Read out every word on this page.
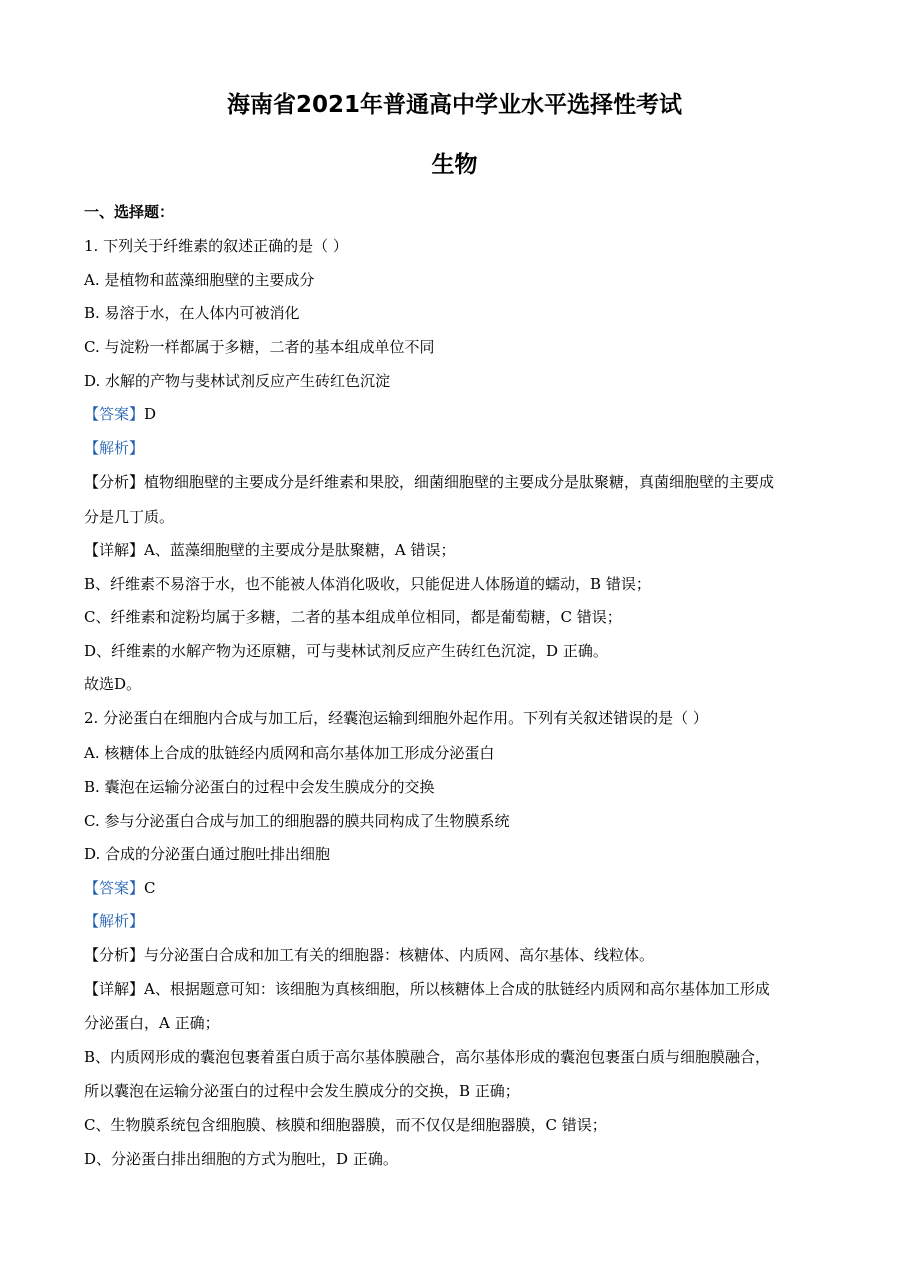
海南省2021年普通高中学业水平选择性考试
生物
一、选择题：
1. 下列关于纤维素的叙述正确的是（ ）
A. 是植物和蓝藻细胞壁的主要成分
B. 易溶于水，在人体内可被消化
C. 与淀粉一样都属于多糖，二者的基本组成单位不同
D. 水解的产物与斐林试剂反应产生砖红色沉淀
【答案】D
【解析】
【分析】植物细胞壁的主要成分是纤维素和果胶，细菌细胞壁的主要成分是肽聚糖，真菌细胞壁的主要成
分是几丁质。
【详解】A、蓝藻细胞壁的主要成分是肽聚糖，A 错误；
B、纤维素不易溶于水，也不能被人体消化吸收，只能促进人体肠道的蠕动，B 错误；
C、纤维素和淀粉均属于多糖，二者的基本组成单位相同，都是葡萄糖，C 错误；
D、纤维素的水解产物为还原糖，可与斐林试剂反应产生砖红色沉淀，D 正确。
故选D。
2. 分泌蛋白在细胞内合成与加工后，经囊泡运输到细胞外起作用。下列有关叙述错误的是（ ）
A. 核糖体上合成的肽链经内质网和高尔基体加工形成分泌蛋白
B. 囊泡在运输分泌蛋白的过程中会发生膜成分的交换
C. 参与分泌蛋白合成与加工的细胞器的膜共同构成了生物膜系统
D. 合成的分泌蛋白通过胞吐排出细胞
【答案】C
【解析】
【分析】与分泌蛋白合成和加工有关的细胞器：核糖体、内质网、高尔基体、线粒体。
【详解】A、根据题意可知：该细胞为真核细胞，所以核糖体上合成的肽链经内质网和高尔基体加工形成
分泌蛋白，A 正确；
B、内质网形成的囊泡包裹着蛋白质于高尔基体膜融合，高尔基体形成的囊泡包裹蛋白质与细胞膜融合，
所以囊泡在运输分泌蛋白的过程中会发生膜成分的交换，B 正确；
C、生物膜系统包含细胞膜、核膜和细胞器膜，而不仅仅是细胞器膜，C 错误；
D、分泌蛋白排出细胞的方式为胞吐，D 正确。
